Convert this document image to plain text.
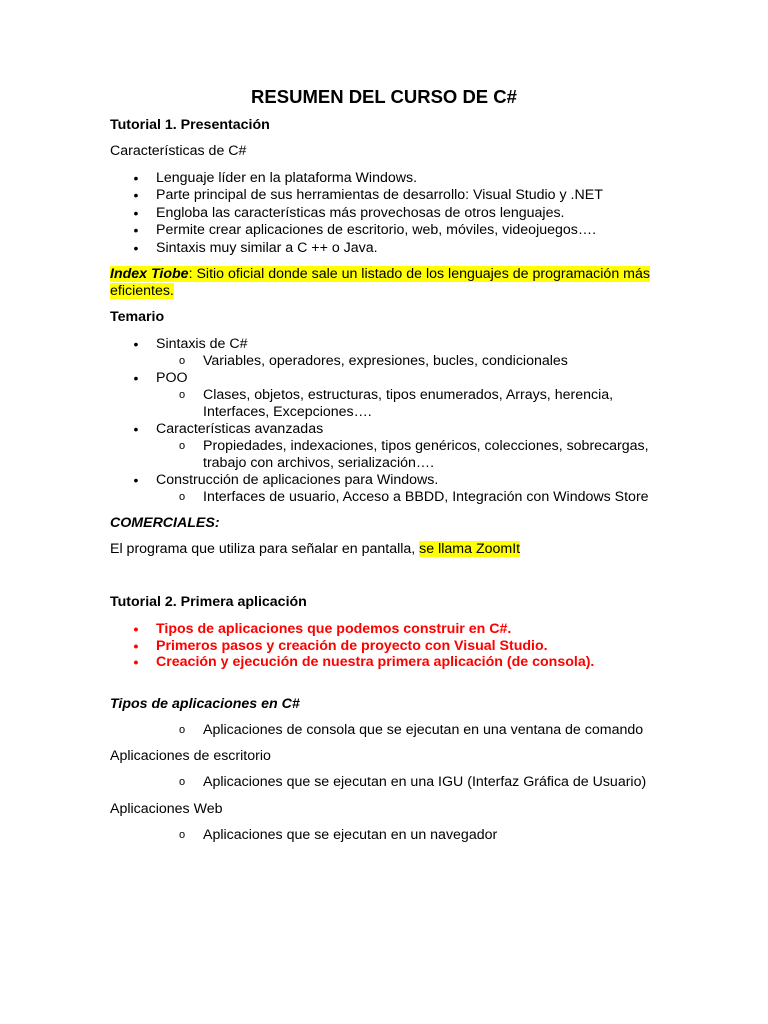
RESUMEN DEL CURSO DE C#
Tutorial 1. Presentación
Características de C#
• Lenguaje líder en la plataforma Windows.
• Parte principal de sus herramientas de desarrollo: Visual Studio y .NET
• Engloba las características más provechosas de otros lenguajes.
• Permite crear aplicaciones de escritorio, web, móviles, videojuegos….
• Sintaxis muy similar a C ++ o Java.
Index Tiobe: Sitio oficial donde sale un listado de los lenguajes de programación más
eficientes.
Temario
• Sintaxis de C#
o Variables, operadores, expresiones, bucles, condicionales
• POO
o Clases, objetos, estructuras, tipos enumerados, Arrays, herencia,
Interfaces, Excepciones….
• Características avanzadas
o Propiedades, indexaciones, tipos genéricos, colecciones, sobrecargas,
trabajo con archivos, serialización….
• Construcción de aplicaciones para Windows.
o Interfaces de usuario, Acceso a BBDD, Integración con Windows Store
COMERCIALES:
El programa que utiliza para señalar en pantalla, se llama ZoomIt
Tutorial 2. Primera aplicación
• Tipos de aplicaciones que podemos construir en C#.
• Primeros pasos y creación de proyecto con Visual Studio.
• Creación y ejecución de nuestra primera aplicación (de consola).
Tipos de aplicaciones en C#
o Aplicaciones de consola que se ejecutan en una ventana de comando
Aplicaciones de escritorio
o Aplicaciones que se ejecutan en una IGU (Interfaz Gráfica de Usuario)
Aplicaciones Web
o Aplicaciones que se ejecutan en un navegador
